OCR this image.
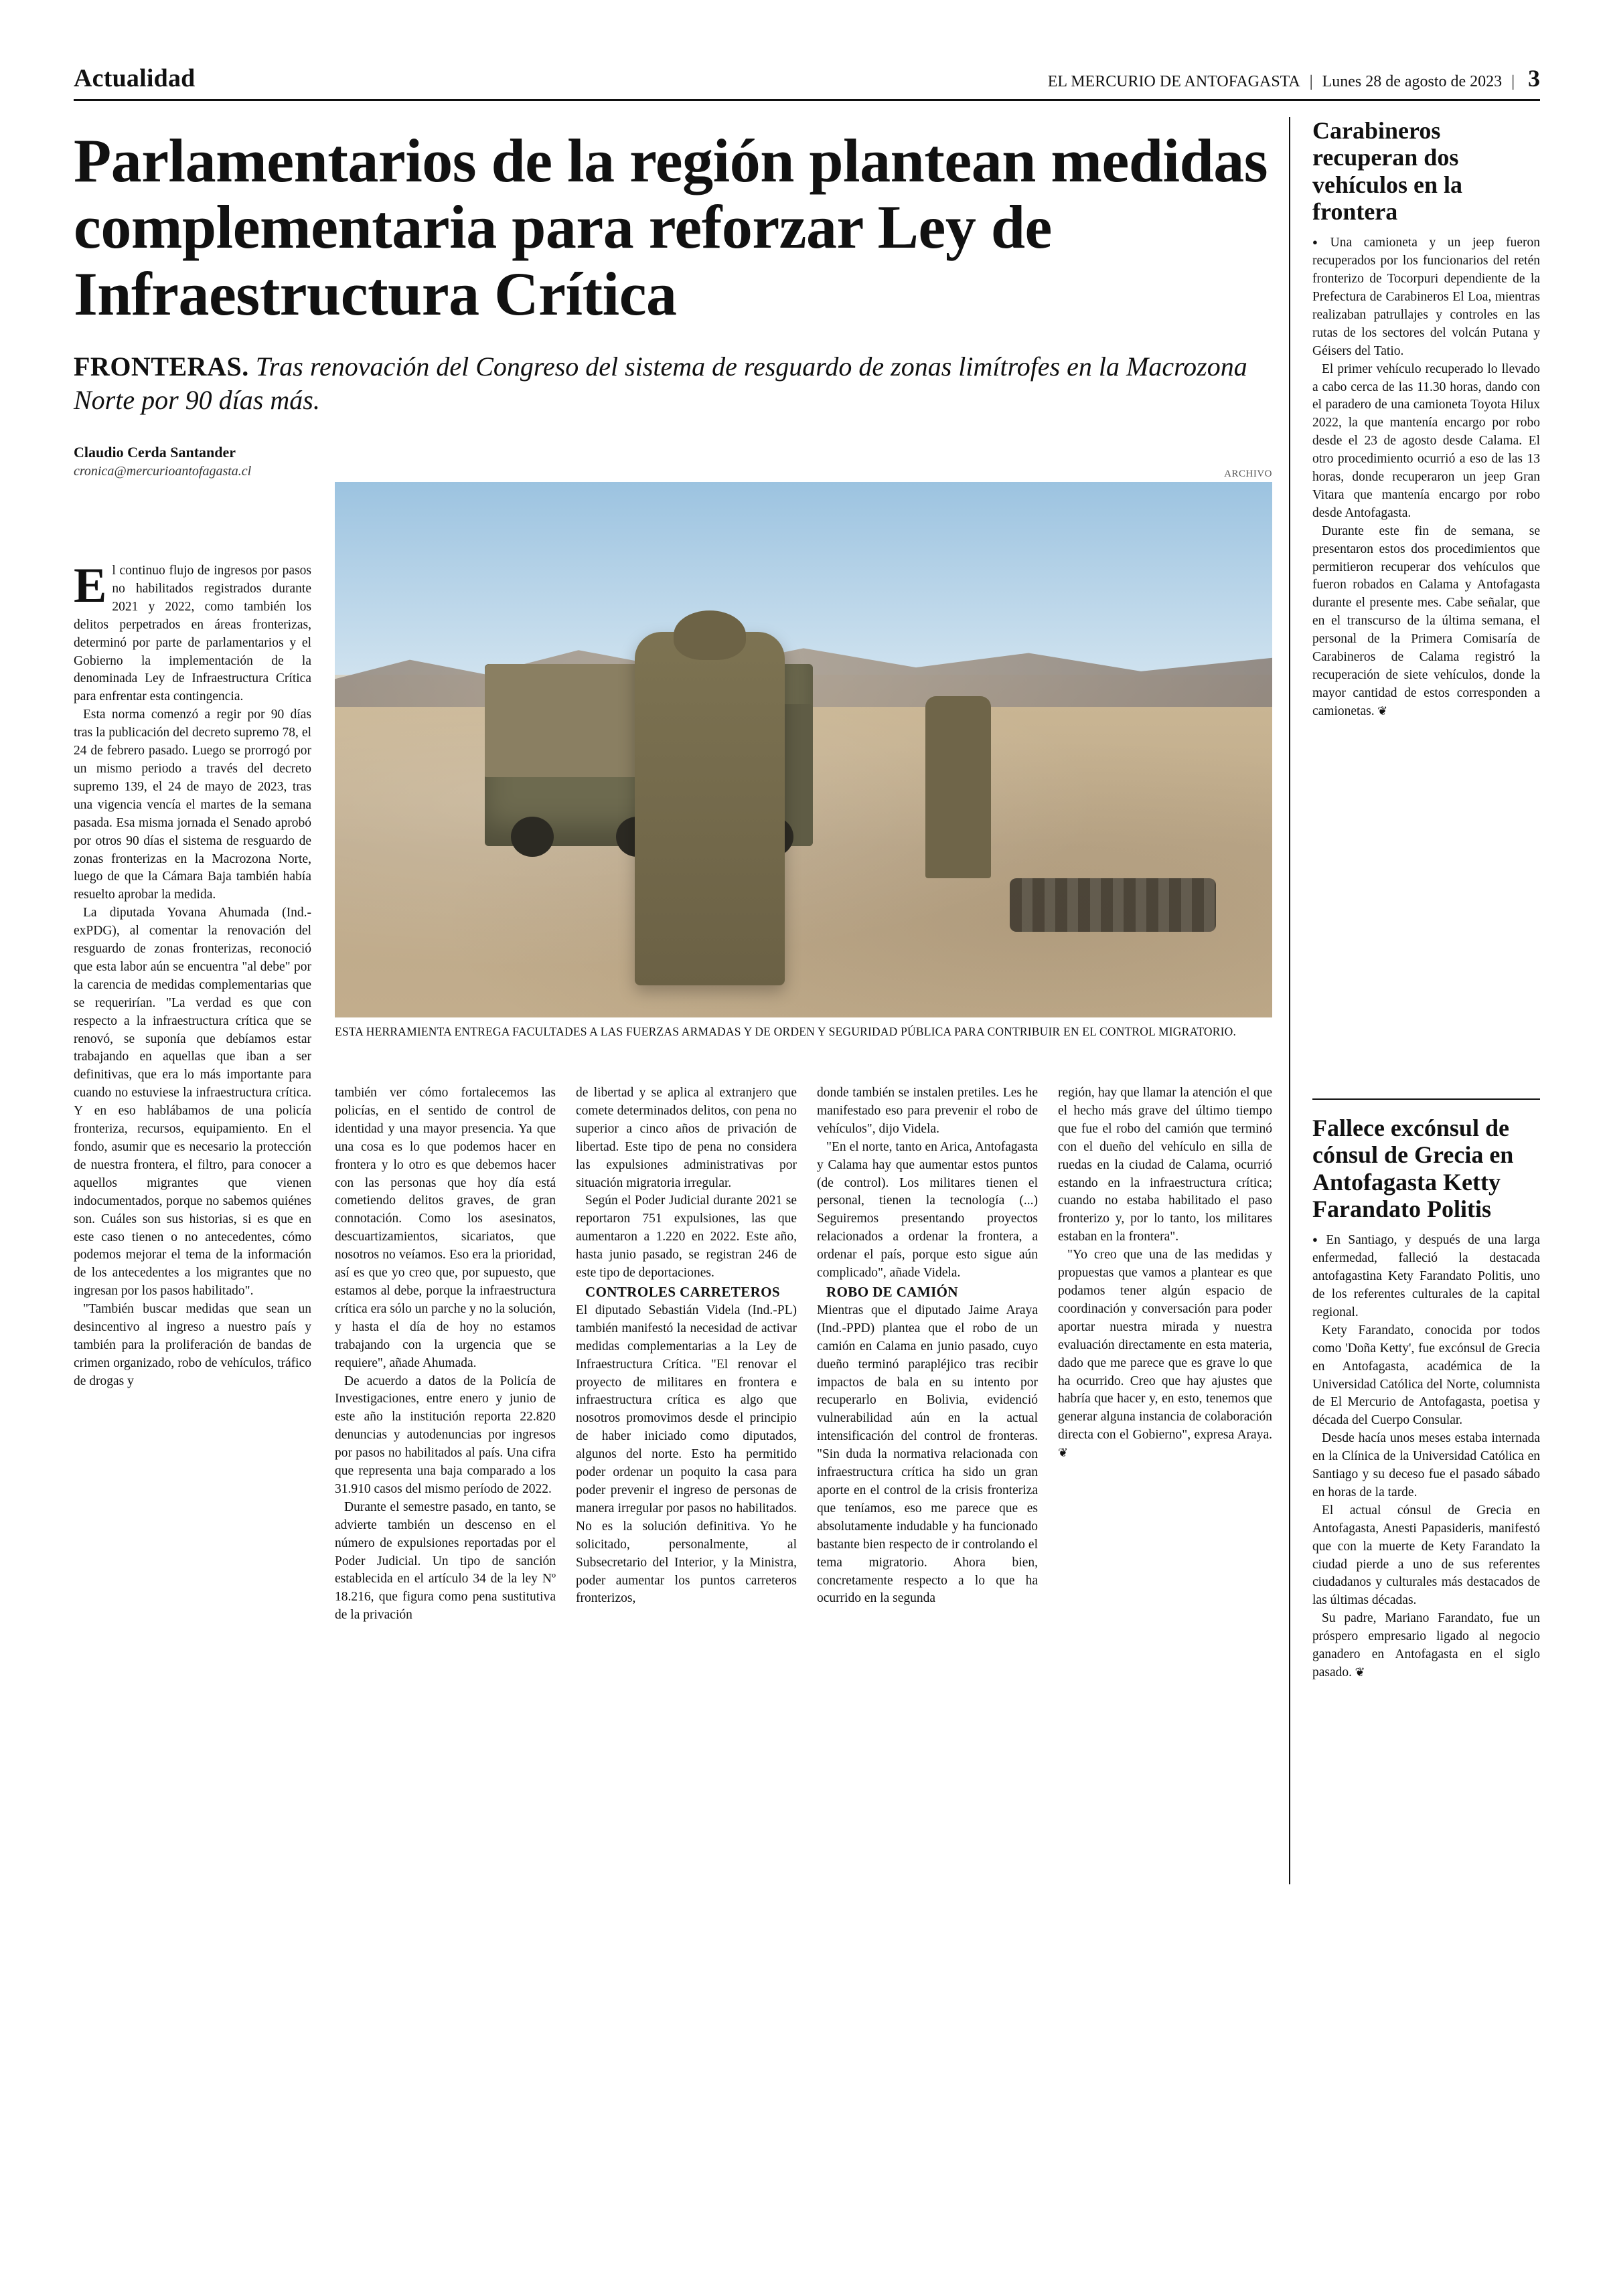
Actualidad	EL MERCURIO DE ANTOFAGASTA | Lunes 28 de agosto de 2023 | 3
Parlamentarios de la región plantean medidas complementaria para reforzar Ley de Infraestructura Crítica
FRONTERAS. Tras renovación del Congreso del sistema de resguardo de zonas limítrofes en la Macrozona Norte por 90 días más.
Claudio Cerda Santander
cronica@mercurioantofagasta.cl	ARCHIVO
ESTA HERRAMIENTA ENTREGA FACULTADES A LAS FUERZAS ARMADAS Y DE ORDEN Y SEGURIDAD PÚBLICA PARA CONTRIBUIR EN EL CONTROL MIGRATORIO.

El continuo flujo de ingresos por pasos no habilitados registrados durante 2021 y 2022, como también los delitos perpetrados en áreas fronterizas, determinó por parte de parlamentarios y el Gobierno la implementación de la denominada Ley de Infraestructura Crítica para enfrentar esta contingencia.

Esta norma comenzó a regir por 90 días tras la publicación del decreto supremo 78, el 24 de febrero pasado. Luego se prorrogó por un mismo periodo a través del decreto supremo 139, el 24 de mayo de 2023, tras una vigencia vencía el martes de la semana pasada. Esa misma jornada el Senado aprobó por otros 90 días el sistema de resguardo de zonas fronterizas en la Macrozona Norte, luego de que la Cámara Baja también había resuelto aprobar la medida.

La diputada Yovana Ahumada (Ind.-exPDG), al comentar la renovación del resguardo de zonas fronterizas, reconoció que esta labor aún se encuentra "al debe" por la carencia de medidas complementarias que se requerirían. "La verdad es que con respecto a la infraestructura crítica que se renovó, se suponía que debíamos estar trabajando en aquellas que iban a ser definitivas, que era lo más importante para cuando no estuviese la infraestructura crítica. Y en eso hablábamos de una policía fronteriza, recursos, equipamiento. En el fondo, asumir que es necesario la protección de nuestra frontera, el filtro, para conocer a aquellos migrantes que vienen indocumentados, porque no sabemos quiénes son. Cuáles son sus historias, si es que en este caso tienen o no antecedentes, cómo podemos mejorar el tema de la información de los antecedentes a los migrantes que no ingresan por los pasos habilitado".

"También buscar medidas que sean un desincentivo al ingreso a nuestro país y también para la proliferación de bandas de crimen organizado, robo de vehículos, tráfico de drogas y

también ver cómo fortalecemos las policías, en el sentido de control de identidad y una mayor presencia. Ya que una cosa es lo que podemos hacer en frontera y lo otro es que debemos hacer con las personas que hoy día está cometiendo delitos graves, de gran connotación. Como los asesinatos, descuartizamientos, sicariatos, que nosotros no veíamos. Eso era la prioridad, así es que yo creo que, por supuesto, que estamos al debe, porque la infraestructura crítica era sólo un parche y no la solución, y hasta el día de hoy no estamos trabajando con la urgencia que se requiere", añade Ahumada.

De acuerdo a datos de la Policía de Investigaciones, entre enero y junio de este año la institución reporta 22.820 denuncias y autodenuncias por ingresos por pasos no habilitados al país. Una cifra que representa una baja comparado a los 31.910 casos del mismo período de 2022.

Durante el semestre pasado, en tanto, se advierte también un descenso en el número de expulsiones reportadas por el Poder Judicial. Un tipo de sanción establecida en el artículo 34 de la ley Nº 18.216, que figura como pena sustitutiva de la privación

de libertad y se aplica al extranjero que comete determinados delitos, con pena no superior a cinco años de privación de libertad. Este tipo de pena no considera las expulsiones administrativas por situación migratoria irregular.

Según el Poder Judicial durante 2021 se reportaron 751 expulsiones, las que aumentaron a 1.220 en 2022. Este año, hasta junio pasado, se registran 246 de este tipo de deportaciones.

CONTROLES CARRETEROS

El diputado Sebastián Videla (Ind.-PL) también manifestó la necesidad de activar medidas complementarias a la Ley de Infraestructura Crítica. "El renovar el proyecto de militares en frontera e infraestructura crítica es algo que nosotros promovimos desde el principio de haber iniciado como diputados, algunos del norte. Esto ha permitido poder ordenar un poquito la casa para poder prevenir el ingreso de personas de manera irregular por pasos no habilitados. No es la solución definitiva. Yo he solicitado, personalmente, al Subsecretario del Interior, y la Ministra, poder aumentar los puntos carreteros fronterizos,

donde también se instalen pretiles. Les he manifestado eso para prevenir el robo de vehículos", dijo Videla.

"En el norte, tanto en Arica, Antofagasta y Calama hay que aumentar estos puntos (de control). Los militares tienen el personal, tienen la tecnología (...) Seguiremos presentando proyectos relacionados a ordenar la frontera, a ordenar el país, porque esto sigue aún complicado", añade Videla.

ROBO DE CAMIÓN

Mientras que el diputado Jaime Araya (Ind.-PPD) plantea que el robo de un camión en Calama en junio pasado, cuyo dueño terminó parapléjico tras recibir impactos de bala en su intento por recuperarlo en Bolivia, evidenció vulnerabilidad aún en la actual intensificación del control de fronteras. "Sin duda la normativa relacionada con infraestructura crítica ha sido un gran aporte en el control de la crisis fronteriza que teníamos, eso me parece que es absolutamente indudable y ha funcionado bastante bien respecto de ir controlando el tema migratorio. Ahora bien, concretamente respecto a lo que ha ocurrido en la segunda

región, hay que llamar la atención el que el hecho más grave del último tiempo que fue el robo del camión que terminó con el dueño del vehículo en silla de ruedas en la ciudad de Calama, ocurrió estando en la infraestructura crítica; cuando no estaba habilitado el paso fronterizo y, por lo tanto, los militares estaban en la frontera".

"Yo creo que una de las medidas y propuestas que vamos a plantear es que podamos tener algún espacio de coordinación y conversación para poder aportar nuestra mirada y nuestra evaluación directamente en esta materia, dado que me parece que es grave lo que ha ocurrido. Creo que hay ajustes que habría que hacer y, en esto, tenemos que generar alguna instancia de colaboración directa con el Gobierno", expresa Araya. ❦

Carabineros recuperan dos vehículos en la frontera

● Una camioneta y un jeep fueron recuperados por los funcionarios del retén fronterizo de Tocorpuri dependiente de la Prefectura de Carabineros El Loa, mientras realizaban patrullajes y controles en las rutas de los sectores del volcán Putana y Géisers del Tatio.

El primer vehículo recuperado lo llevado a cabo cerca de las 11.30 horas, dando con el paradero de una camioneta Toyota Hilux 2022, la que mantenía encargo por robo desde el 23 de agosto desde Calama. El otro procedimiento ocurrió a eso de las 13 horas, donde recuperaron un jeep Gran Vitara que mantenía encargo por robo desde Antofagasta.

Durante este fin de semana, se presentaron estos dos procedimientos que permitieron recuperar dos vehículos que fueron robados en Calama y Antofagasta durante el presente mes. Cabe señalar, que en el transcurso de la última semana, el personal de la Primera Comisaría de Carabineros de Calama registró la recuperación de siete vehículos, donde la mayor cantidad de estos corresponden a camionetas. ❦

Fallece excónsul de cónsul de Grecia en Antofagasta Ketty Farandato Politis

● En Santiago, y después de una larga enfermedad, falleció la destacada antofagastina Kety Farandato Politis, uno de los referentes culturales de la capital regional.

Kety Farandato, conocida por todos como 'Doña Ketty', fue excónsul de Grecia en Antofagasta, académica de la Universidad Católica del Norte, columnista de El Mercurio de Antofagasta, poetisa y década del Cuerpo Consular.

Desde hacía unos meses estaba internada en la Clínica de la Universidad Católica en Santiago y su deceso fue el pasado sábado en horas de la tarde.

El actual cónsul de Grecia en Antofagasta, Anesti Papasideris, manifestó que con la muerte de Kety Farandato la ciudad pierde a uno de sus referentes ciudadanos y culturales más destacados de las últimas décadas.

Su padre, Mariano Farandato, fue un próspero empresario ligado al negocio ganadero en Antofagasta en el siglo pasado. ❦
